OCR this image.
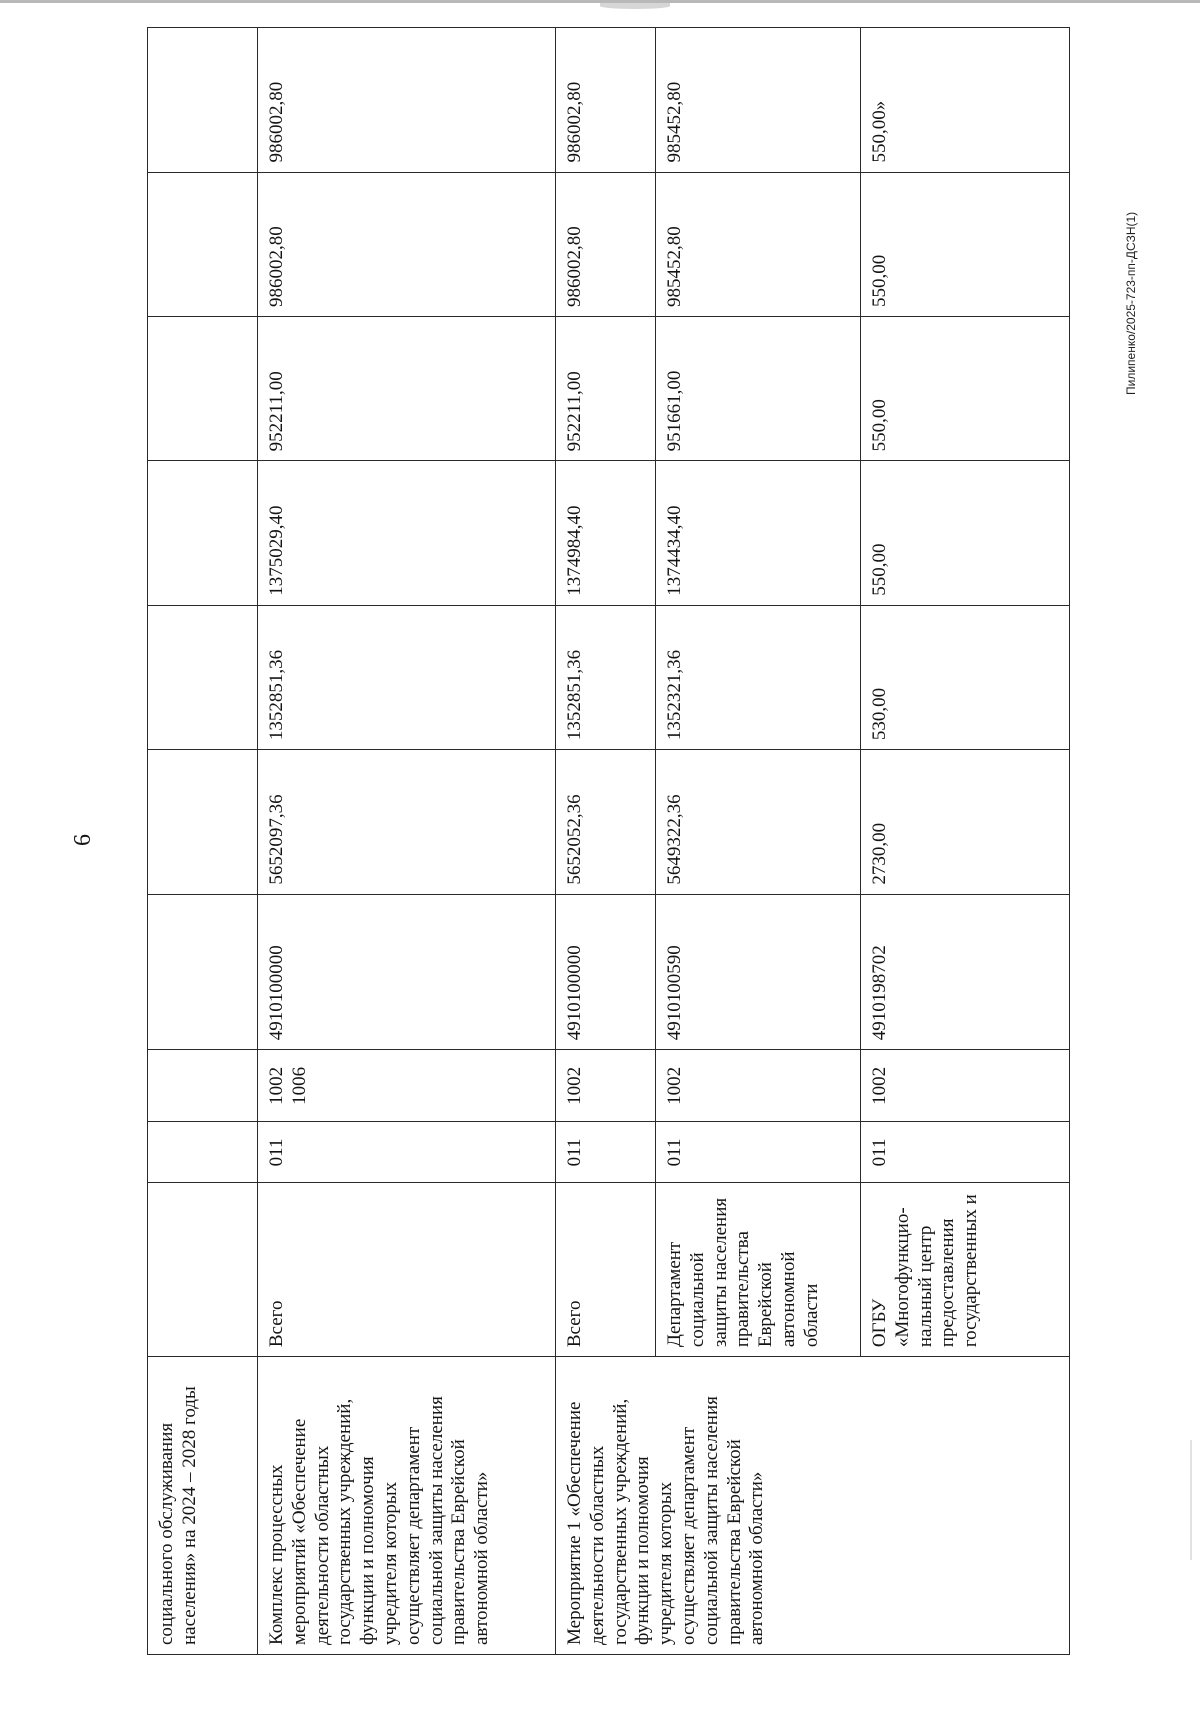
6
социального обслуживания населения» на 2024 – 2028 годы										
Комплекс процессных мероприятий «Обеспечение деятельности областных государственных учреждений, функции и полномочия учредителя которых осуществляет департамент социальной защиты населения правительства Еврейской автономной области»	Всего	011	1002 1006	4910100000	5652097,36	1352851,36	1375029,40	952211,00	986002,80	986002,80
Мероприятие 1 «Обеспечение деятельности областных государственных учреждений, функции и полномочия учредителя которых осуществляет департамент социальной защиты населения правительства Еврейской автономной области»	Всего	011	1002	4910100000	5652052,36	1352851,36	1374984,40	952211,00	986002,80	986002,80
	Департамент социальной защиты населения правительства Еврейской автономной области	011	1002	4910100590	5649322,36	1352321,36	1374434,40	951661,00	985452,80	985452,80
	ОГБУ «Многофункцио-нальный центр предоставления государственных и	011	1002	4910198702	2730,00	530,00	550,00	550,00	550,00	550,00»
Пилипенко/2025-723-пп-ДСЗН(1)
